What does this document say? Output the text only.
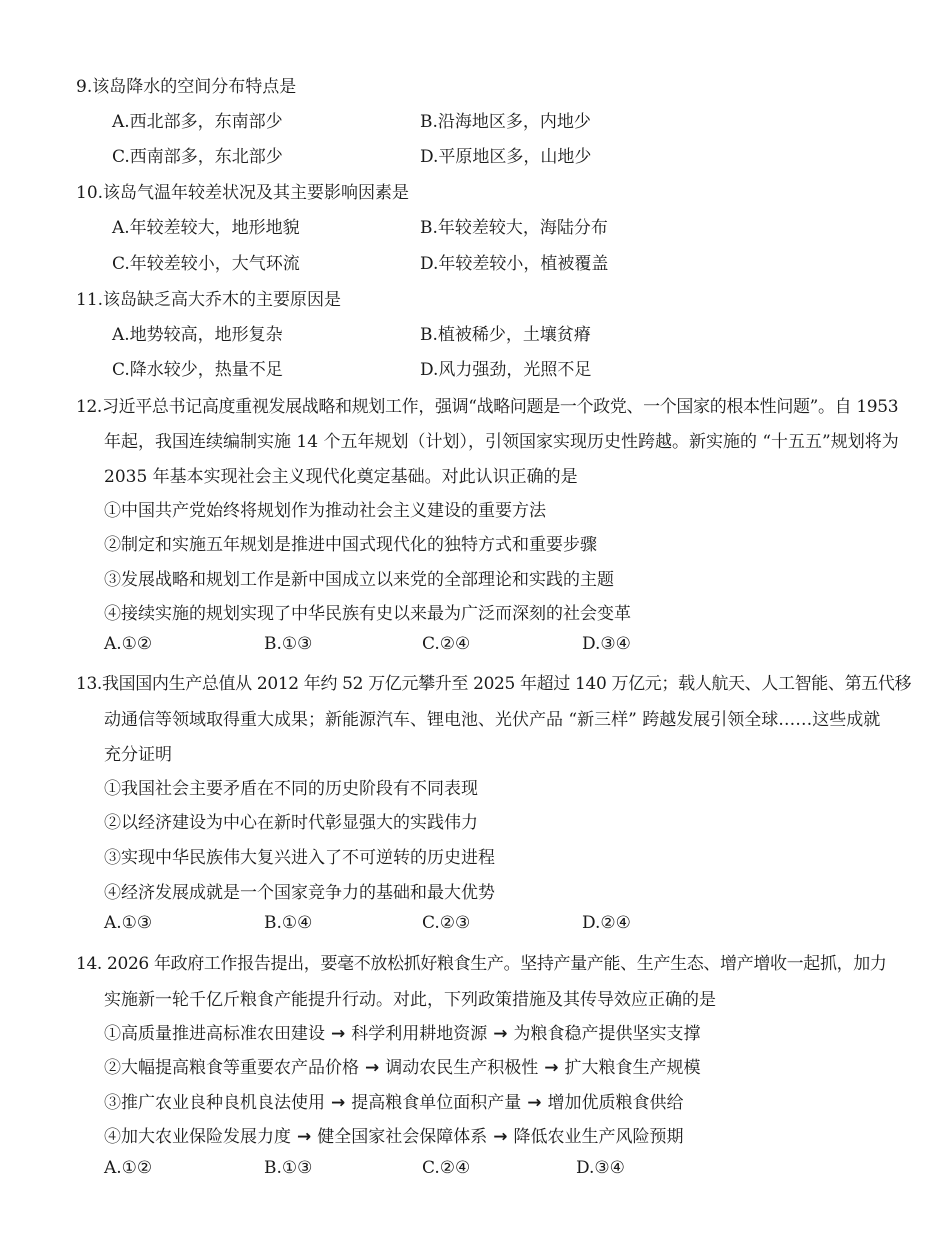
9.该岛降水的空间分布特点是
A.西北部多，东南部少	B.沿海地区多，内地少
C.西南部多，东北部少	D.平原地区多，山地少
10.该岛气温年较差状况及其主要影响因素是
A.年较差较大，地形地貌	B.年较差较大，海陆分布
C.年较差较小，大气环流	D.年较差较小，植被覆盖
11.该岛缺乏高大乔木的主要原因是
A.地势较高，地形复杂	B.植被稀少，土壤贫瘠
C.降水较少，热量不足	D.风力强劲，光照不足
12.习近平总书记高度重视发展战略和规划工作，强调“战略问题是一个政党、一个国家的根本性问题”。自 1953
年起，我国连续编制实施 14 个五年规划（计划），引领国家实现历史性跨越。新实施的 “十五五”规划将为
2035 年基本实现社会主义现代化奠定基础。对此认识正确的是
①中国共产党始终将规划作为推动社会主义建设的重要方法
②制定和实施五年规划是推进中国式现代化的独特方式和重要步骤
③发展战略和规划工作是新中国成立以来党的全部理论和实践的主题
④接续实施的规划实现了中华民族有史以来最为广泛而深刻的社会变革
A.①②	B.①③	C.②④	D.③④
13.我国国内生产总值从 2012 年约 52 万亿元攀升至 2025 年超过 140 万亿元；载人航天、人工智能、第五代移
动通信等领域取得重大成果；新能源汽车、锂电池、光伏产品 “新三样” 跨越发展引领全球……这些成就
充分证明
①我国社会主要矛盾在不同的历史阶段有不同表现
②以经济建设为中心在新时代彰显强大的实践伟力
③实现中华民族伟大复兴进入了不可逆转的历史进程
④经济发展成就是一个国家竞争力的基础和最大优势
A.①③	B.①④	C.②③	D.②④
14. 2026 年政府工作报告提出，要毫不放松抓好粮食生产。坚持产量产能、生产生态、增产增收一起抓，加力
实施新一轮千亿斤粮食产能提升行动。对此，下列政策措施及其传导效应正确的是
①高质量推进高标准农田建设 → 科学利用耕地资源 → 为粮食稳产提供坚实支撑
②大幅提高粮食等重要农产品价格 → 调动农民生产积极性 → 扩大粮食生产规模
③推广农业良种良机良法使用 → 提高粮食单位面积产量 → 增加优质粮食供给
④加大农业保险发展力度 → 健全国家社会保障体系 → 降低农业生产风险预期
A.①②	B.①③	C.②④	D.③④
